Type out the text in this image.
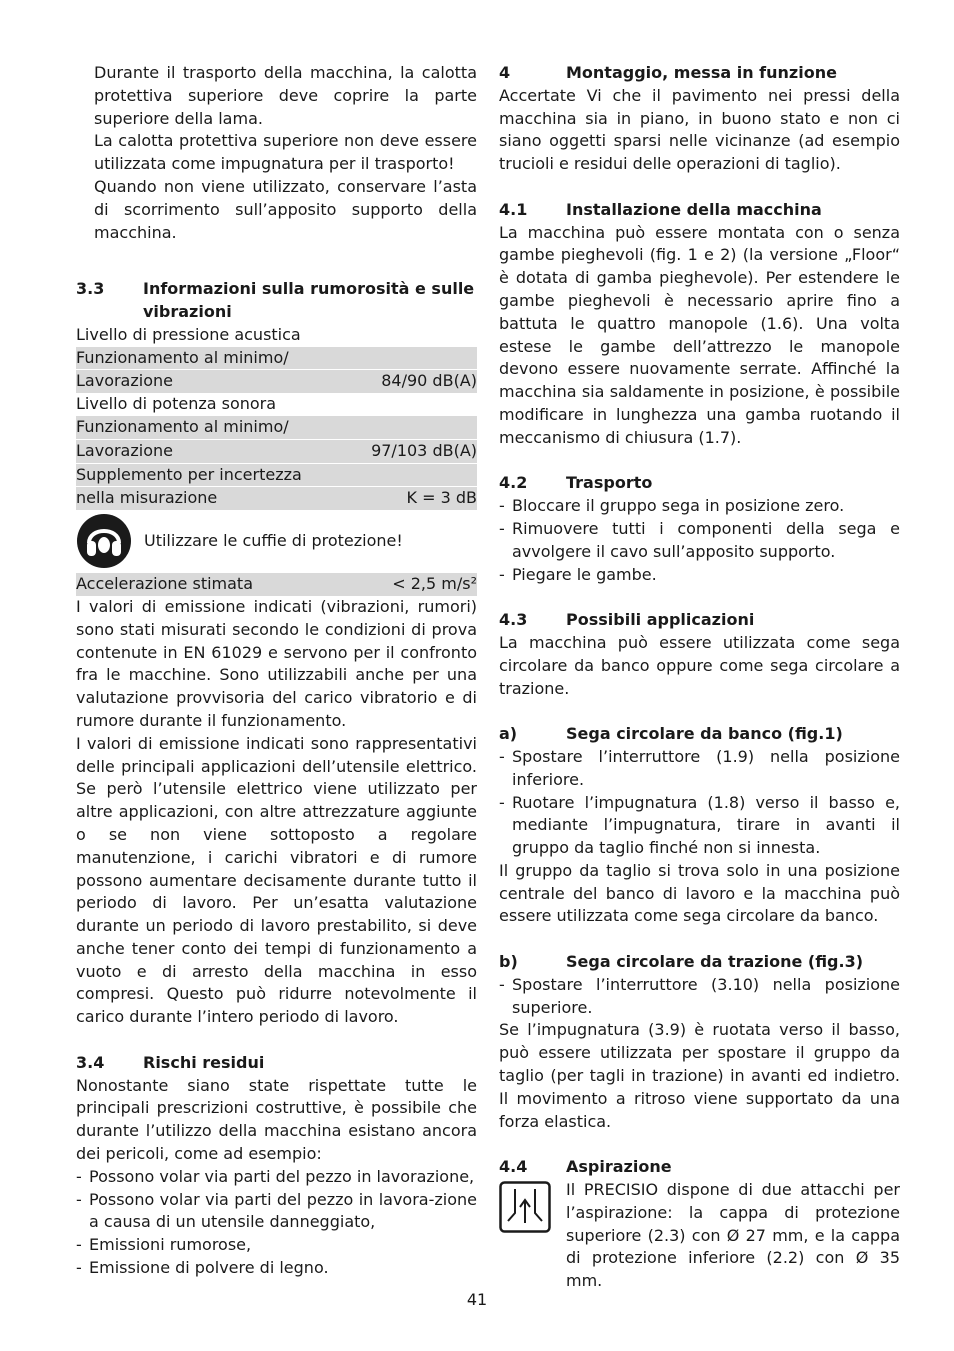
Durante il trasporto della macchina, la calotta protettiva superiore deve coprire la parte superiore della lama.

La calotta protettiva superiore non deve essere utilizzata come impugnatura per il trasporto!

Quando non viene utilizzato, conservare l’asta di scorrimento sull’apposito supporto della macchina.

3.3	Informazioni sulla rumorosità e sulle vibrazioni
Livello di pressione acustica
Funzionamento al minimo/
Lavorazione	84/90 dB(A)
Livello di potenza sonora
Funzionamento al minimo/
Lavorazione	97/103 dB(A)
Supplemento per incertezza
nella misurazione	K = 3 dB
Utilizzare le cuffie di protezione!
Accelerazione stimata	< 2,5 m/s²

I valori di emissione indicati (vibrazioni, rumori) sono stati misurati secondo le condizioni di prova contenute in EN 61029 e servono per il confronto fra le macchine. Sono utilizzabili anche per una valutazione provvisoria del carico vibratorio e di rumore durante il funzionamento.

I valori di emissione indicati sono rappresentativi delle principali applicazioni dell’utensile elettrico. Se però l’utensile elettrico viene utilizzato per altre applicazioni, con altre attrezzature aggiunte o se non viene sottoposto a regolare manutenzione, i carichi vibratori e di rumore possono aumentare decisamente durante tutto il periodo di lavoro. Per un’esatta valutazione durante un periodo di lavoro prestabilito, si deve anche tener conto dei tempi di funzionamento a vuoto e di arresto della macchina in esso compresi. Questo può ridurre notevolmente il carico durante l’intero periodo di lavoro.

3.4	Rischi residui

Nonostante siano state rispettate tutte le principali prescrizioni costruttive, è possibile che durante l’utilizzo della macchina esistano ancora dei pericoli, come ad esempio:

- Possono volar via parti del pezzo in lavorazione,
- Possono volar via parti del pezzo in lavora-zione a causa di un utensile danneggiato,
- Emissioni rumorose,
- Emissione di polvere di legno.
4	Montaggio, messa in funzione

Accertate Vi che il pavimento nei pressi della macchina sia in piano, in buono stato e non ci siano oggetti sparsi nelle vicinanze (ad esempio trucioli e residui delle operazioni di taglio).

4.1	Installazione della macchina

La macchina può essere montata con o senza gambe pieghevoli (fig. 1 e 2) (la versione „Floor“ è dotata di gamba pieghevole). Per estendere le gambe pieghevoli è necessario aprire fino a battuta le quattro manopole (1.6). Una volta estese le gambe dell’attrezzo le manopole devono essere nuovamente serrate. Affinché la macchina sia saldamente in posizione, è possibile modificare in lunghezza una gamba ruotando il meccanismo di chiusura (1.7).

4.2	Trasporto
- Bloccare il gruppo sega in posizione zero.
- Rimuovere tutti i componenti della sega e avvolgere il cavo sull’apposito supporto.
- Piegare le gambe.
4.3	Possibili applicazioni

La macchina può essere utilizzata come sega circolare da banco oppure come sega circolare a trazione.

a)	Sega circolare da banco (fig.1)
- Spostare l’interruttore (1.9) nella posizione inferiore.
- Ruotare l’impugnatura (1.8) verso il basso e, mediante l’impugnatura, tirare in avanti il gruppo da taglio finché non si innesta.

Il gruppo da taglio si trova solo in una posizione centrale del banco di lavoro e la macchina può essere utilizzata come sega circolare da banco.

b)	Sega circolare da trazione (fig.3)
- Spostare l’interruttore (3.10) nella posizione superiore.

Se l’impugnatura (3.9) è ruotata verso il basso, può essere utilizzata per spostare il gruppo da taglio (per tagli in trazione) in avanti ed indietro. Il movimento a ritroso viene supportato da una forza elastica.

4.4	Aspirazione

Il PRECISIO dispone di due attacchi per l’aspirazione: la cappa di protezione superiore (2.3) con Ø 27 mm, e la cappa di protezione inferiore (2.2) con Ø 35 mm.

41
